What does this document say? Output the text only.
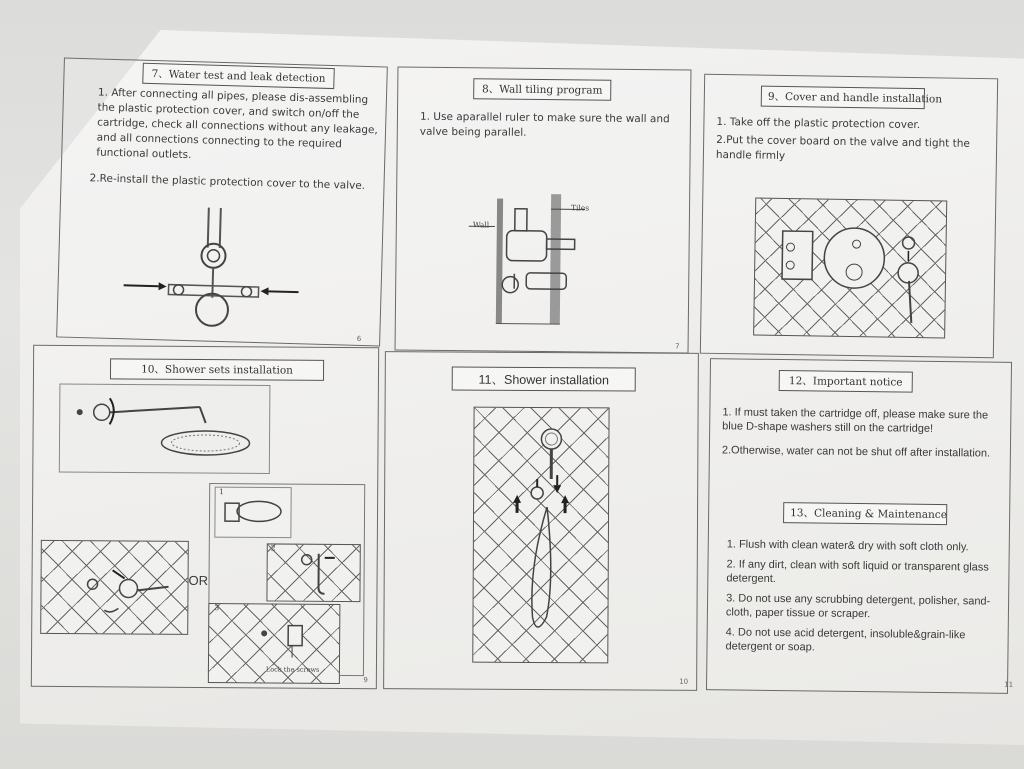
7、Water test and leak detection
1. After connecting all pipes, please dis-assembling the plastic protection cover, and switch on/off the cartridge, check all connections without any leakage, and all connections connecting to the required functional outlets.
2.Re-install the plastic protection cover to the valve.
6
8、Wall tiling program
1. Use aparallel ruler to make sure the wall and valve being parallel.
Tiles
Wall
7
9、Cover and handle installation
1. Take off the plastic protection cover.
2.Put the cover board on the valve and tight the handle firmly
10、Shower sets installation
OR
1
2
3
Lock the screws
9
11、Shower installation
10
12、Important notice
1. If must taken the cartridge off, please make sure the blue D-shape washers still on the cartridge!
2.Otherwise, water can not be shut off after installation.
13、Cleaning & Maintenance
1. Flush with clean water& dry with soft cloth only.
2. If any dirt, clean with soft liquid or transparent glass detergent.
3. Do not use any scrubbing detergent, polisher, sand-cloth, paper tissue or scraper.
4. Do not use acid detergent, insoluble&grain-like detergent or soap.
11
